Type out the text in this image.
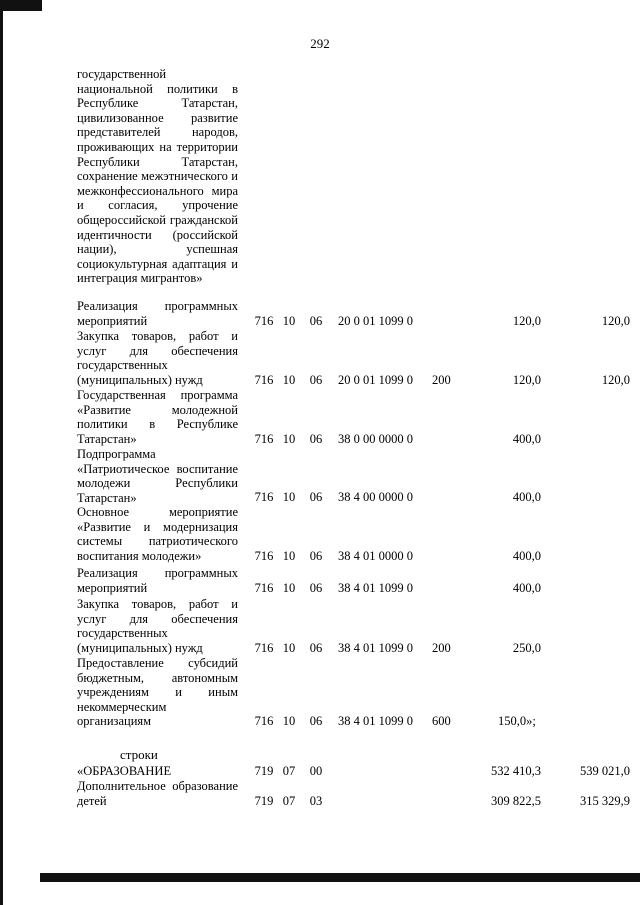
292
государственной национальной политики в Республике Татарстан, цивилизованное развитие представителей народов, проживающих на территории Республики Татарстан, сохранение межэтнического и межконфессионального мира и согласия, упрочение общероссийской гражданской идентичности (российской нации), успешная социокультурная адаптация и интеграция мигрантов»
Реализация программных мероприятий	716 10 06 20 0 01 1099 0	120,0	120,0
Закупка товаров, работ и услуг для обеспечения государственных (муниципальных) нужд	716 10 06 20 0 01 1099 0 200	120,0	120,0
Государственная программа «Развитие молодежной политики в Республике Татарстан»	716 10 06 38 0 00 0000 0	400,0
Подпрограмма «Патриотическое воспитание молодежи Республики Татарстан»	716 10 06 38 4 00 0000 0	400,0
Основное мероприятие «Развитие и модернизация системы патриотического воспитания молодежи»	716 10 06 38 4 01 0000 0	400,0
Реализация программных мероприятий	716 10 06 38 4 01 1099 0	400,0
Закупка товаров, работ и услуг для обеспечения государственных (муниципальных) нужд	716 10 06 38 4 01 1099 0 200	250,0
Предоставление субсидий бюджетным, автономным учреждениям и иным некоммерческим организациям	716 10 06 38 4 01 1099 0 600	150,0»;
строки
«ОБРАЗОВАНИЕ	719 07 00	532 410,3	539 021,0
Дополнительное образование детей	719 07 03	309 822,5	315 329,9
